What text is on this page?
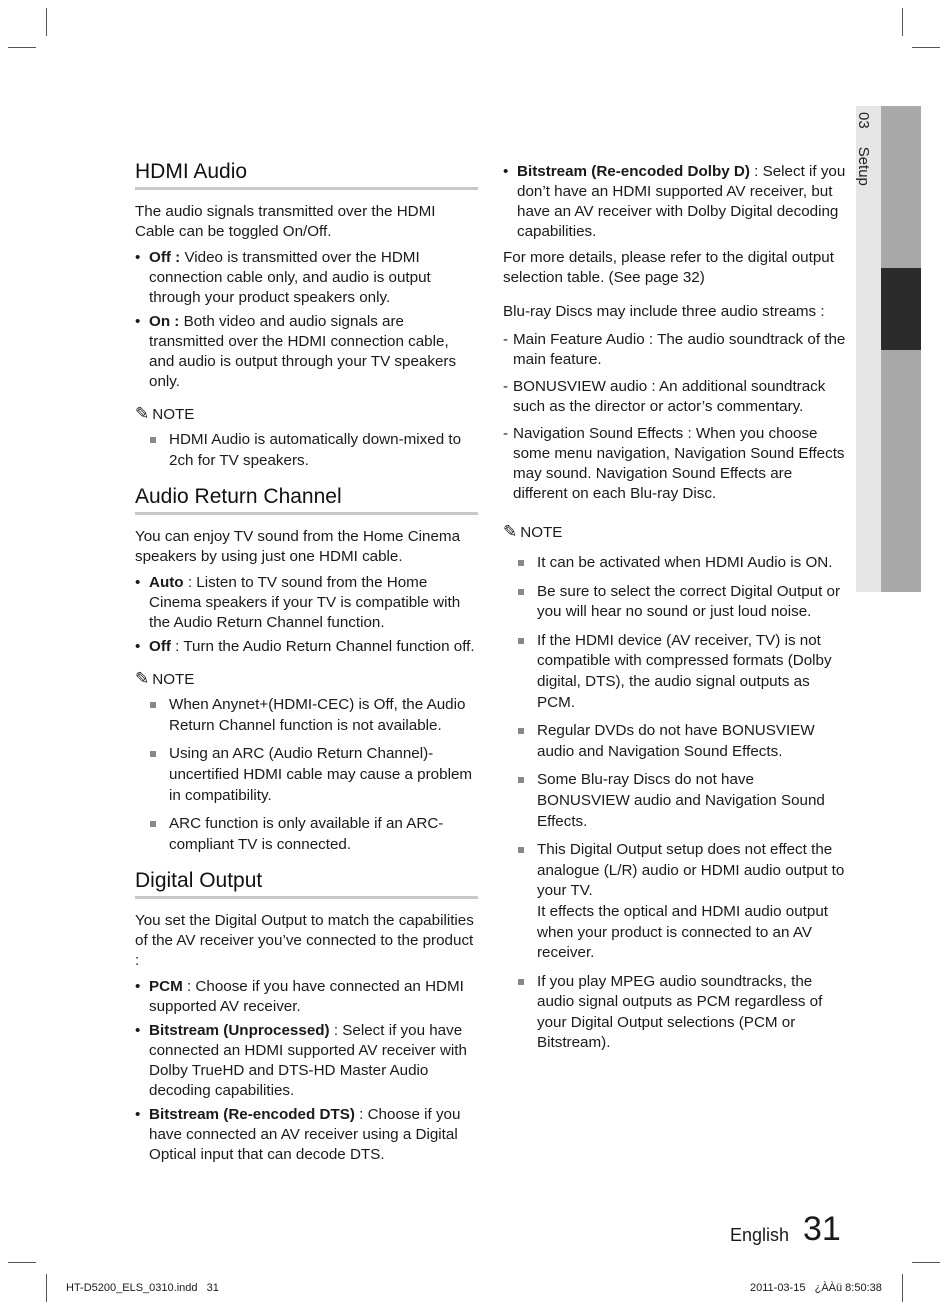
03Setup
HDMI Audio

The audio signals transmitted over the HDMI Cable can be toggled On/Off.

• Off : Video is transmitted over the HDMI connection cable only, and audio is output through your product speakers only.
• On : Both video and audio signals are transmitted over the HDMI connection cable, and audio is output through your TV speakers only.
✎ NOTE
HDMI Audio is automatically down-mixed to 2ch for TV speakers.
Audio Return Channel

You can enjoy TV sound from the Home Cinema speakers by using just one HDMI cable.

• Auto : Listen to TV sound from the Home Cinema speakers if your TV is compatible with the Audio Return Channel function.
• Off : Turn the Audio Return Channel function off.
✎ NOTE
When Anynet+(HDMI-CEC) is Off, the Audio Return Channel function is not available.
Using an ARC (Audio Return Channel)-uncertified HDMI cable may cause a problem in compatibility.
ARC function is only available if an ARC-compliant TV is connected.
Digital Output

You set the Digital Output to match the capabilities of the AV receiver you’ve connected to the product :

• PCM : Choose if you have connected an HDMI supported AV receiver.
• Bitstream (Unprocessed) : Select if you have connected an HDMI supported AV receiver with Dolby TrueHD and DTS-HD Master Audio decoding capabilities.
• Bitstream (Re-encoded DTS) : Choose if you have connected an AV receiver using a Digital Optical input that can decode DTS.
• Bitstream (Re-encoded Dolby D) : Select if you don’t have an HDMI supported AV receiver, but have an AV receiver with Dolby Digital decoding capabilities.

For more details, please refer to the digital output selection table. (See page 32)

Blu-ray Discs may include three audio streams :

- Main Feature Audio : The audio soundtrack of the main feature.
- BONUSVIEW audio : An additional soundtrack such as the director or actor’s commentary.
- Navigation Sound Effects : When you choose some menu navigation, Navigation Sound Effects may sound. Navigation Sound Effects are different on each Blu-ray Disc.
✎ NOTE
It can be activated when HDMI Audio is ON.
Be sure to select the correct Digital Output or you will hear no sound or just loud noise.
If the HDMI device (AV receiver, TV) is not compatible with compressed formats (Dolby digital, DTS), the audio signal outputs as PCM.
Regular DVDs do not have BONUSVIEW audio and Navigation Sound Effects.
Some Blu-ray Discs do not have BONUSVIEW audio and Navigation Sound Effects.
This Digital Output setup does not effect the analogue (L/R) audio or HDMI audio output to your TV.
It effects the optical and HDMI audio output when your product is connected to an AV receiver.
If you play MPEG audio soundtracks, the audio signal outputs as PCM regardless of your Digital Output selections (PCM or Bitstream).
English 31
HT-D5200_ELS_0310.indd   31	2011-03-15   ¿ÀÀü 8:50:38
